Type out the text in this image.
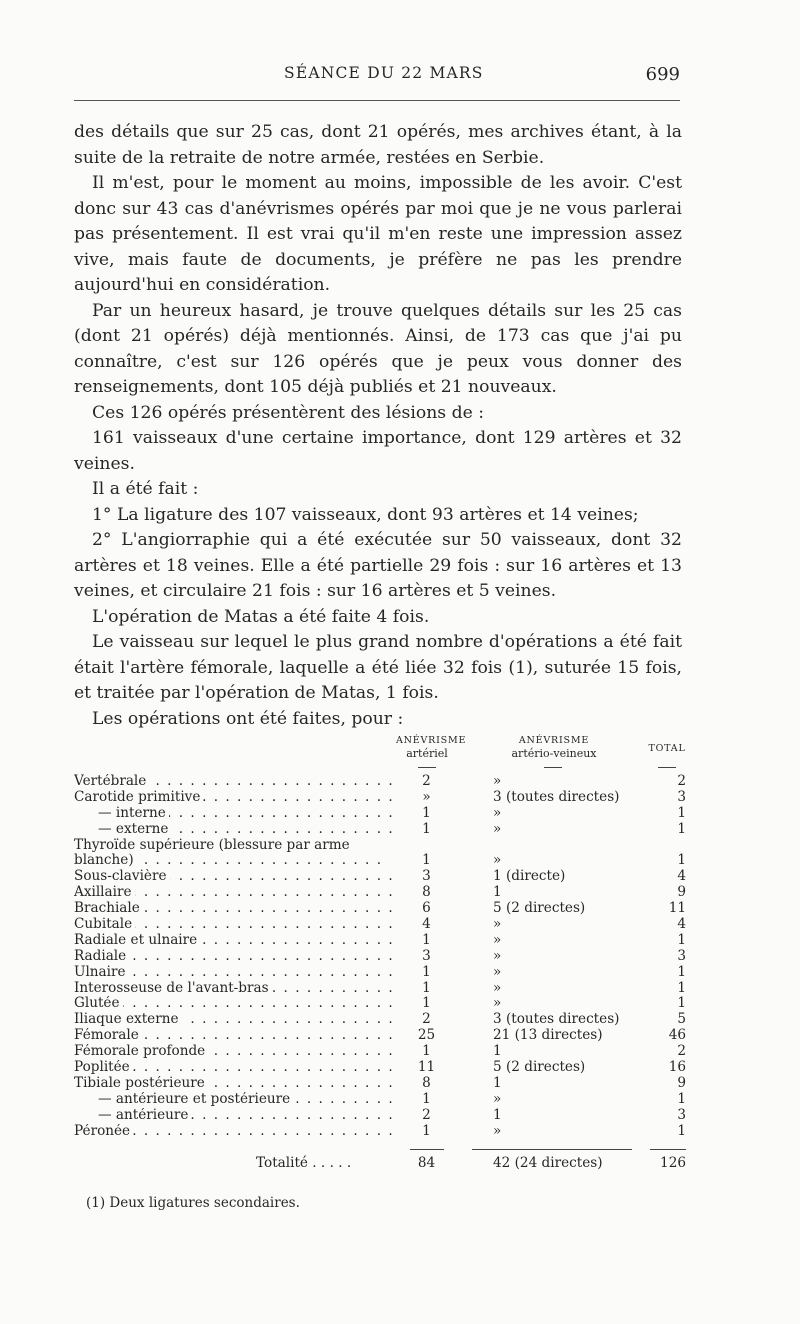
SÉANCE DU 22 MARS	699

des détails que sur 25 cas, dont 21 opérés, mes archives étant, à la suite de la retraite de notre armée, restées en Serbie.

Il m'est, pour le moment au moins, impossible de les avoir. C'est donc sur 43 cas d'anévrismes opérés par moi que je ne vous parlerai pas présentement. Il est vrai qu'il m'en reste une impression assez vive, mais faute de documents, je préfère ne pas les prendre aujourd'hui en considération.

Par un heureux hasard, je trouve quelques détails sur les 25 cas (dont 21 opérés) déjà mentionnés. Ainsi, de 173 cas que j'ai pu connaître, c'est sur 126 opérés que je peux vous donner des renseignements, dont 105 déjà publiés et 21 nouveaux.

Ces 126 opérés présentèrent des lésions de :

161 vaisseaux d'une certaine importance, dont 129 artères et 32 veines.

Il a été fait :

1° La ligature des 107 vaisseaux, dont 93 artères et 14 veines;

2° L'angiorraphie qui a été exécutée sur 50 vaisseaux, dont 32 artères et 18 veines. Elle a été partielle 29 fois : sur 16 artères et 13 veines, et circulaire 21 fois : sur 16 artères et 5 veines.

L'opération de Matas a été faite 4 fois.

Le vaisseau sur lequel le plus grand nombre d'opérations a été fait était l'artère fémorale, laquelle a été liée 32 fois (1), suturée 15 fois, et traitée par l'opération de Matas, 1 fois.

Les opérations ont été faites, pour :

ANÉVRISME
artériel
ANÉVRISME
artério-veineux	TOTAL
Vertébrale . . .	2	»	2
Carotide primitive . . .	»	3 (toutes directes)	3
— interne . . .	1	»	1
— externe . . .	1	»	1
Thyroïde supérieure (blessure par arme blanche) . . .	1	»	1
Sous-clavière . . .	3	1 (directe)	4
Axillaire . . .	8	1	9
Brachiale . . .	6	5 (2 directes)	11
Cubitale . . .	4	»	4
Radiale et ulnaire . . .	1	»	1
Radiale . . .	3	»	3
Ulnaire . . .	1	»	1
Interosseuse de l'avant-bras . . .	1	»	1
Glutée . . .	1	»	1
Iliaque externe . . .	2	3 (toutes directes)	5
Fémorale . . .	25	21 (13 directes)	46
Fémorale profonde . . .	1	1	2
Poplitée . . .	11	5 (2 directes)	16
Tibiale postérieure . . .	8	1	9
— antérieure et postérieure . . .	1	»	1
— antérieure . . .	2	1	3
Péronée . . .	1	»	1
Totalité . . . . .	84	42 (24 directes)	126
(1) Deux ligatures secondaires.
